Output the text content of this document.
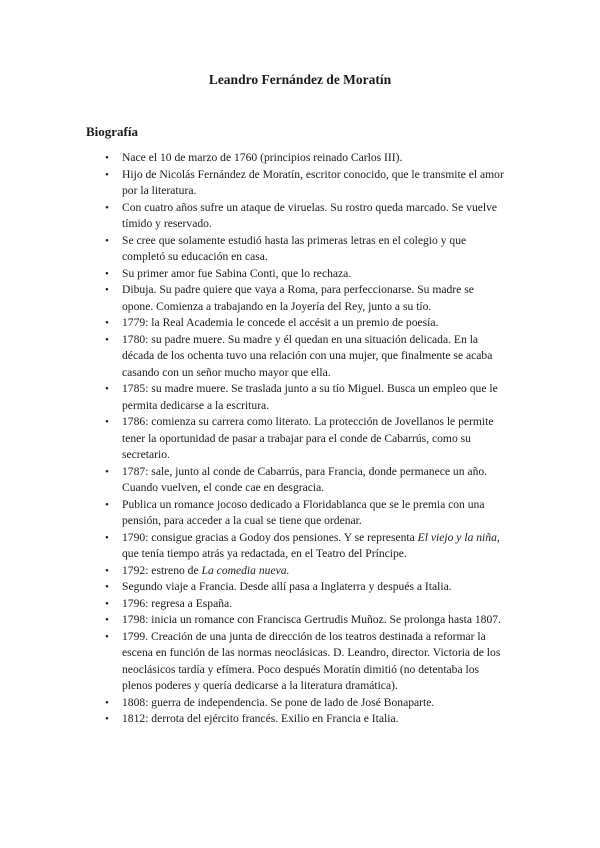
Leandro Fernández de Moratín
Biografía
• Nace el 10 de marzo de 1760 (principios reinado Carlos III).
• Hijo de Nicolás Fernández de Moratín, escritor conocido, que le transmite el amor por la literatura.
• Con cuatro años sufre un ataque de viruelas. Su rostro queda marcado. Se vuelve tímido y reservado.
• Se cree que solamente estudió hasta las primeras letras en el colegio y que completó su educación en casa.
• Su primer amor fue Sabina Conti, que lo rechaza.
• Dibuja. Su padre quiere que vaya a Roma, para perfeccionarse. Su madre se opone. Comienza a trabajando en la Joyería del Rey, junto a su tío.
• 1779: la Real Academia le concede el accésit a un premio de poesía.
• 1780: su padre muere. Su madre y él quedan en una situación delicada. En la década de los ochenta tuvo una relación con una mujer, que finalmente se acaba casando con un señor mucho mayor que ella.
• 1785: su madre muere. Se traslada junto a su tío Miguel. Busca un empleo que le permita dedicarse a la escritura.
• 1786: comienza su carrera como literato. La protección de Jovellanos le permite tener la oportunidad de pasar a trabajar para el conde de Cabarrús, como su secretario.
• 1787: sale, junto al conde de Cabarrús, para Francia, donde permanece un año. Cuando vuelven, el conde cae en desgracia.
• Publica un romance jocoso dedicado a Floridablanca que se le premia con una pensión, para acceder a la cual se tiene que ordenar.
• 1790: consigue gracias a Godoy dos pensiones. Y se representa El viejo y la niña, que tenía tiempo atrás ya redactada, en el Teatro del Príncipe.
• 1792: estreno de La comedia nueva.
• Segundo viaje a Francia. Desde allí pasa a Inglaterra y después a Italia.
• 1796: regresa a España.
• 1798: inicia un romance con Francisca Gertrudis Muñoz. Se prolonga hasta 1807.
• 1799. Creación de una junta de dirección de los teatros destinada a reformar la escena en función de las normas neoclásicas. D. Leandro, director. Victoria de los neoclásicos tardía y efímera. Poco después Moratín dimitió (no detentaba los plenos poderes y quería dedicarse a la literatura dramática).
• 1808: guerra de independencia. Se pone de lado de José Bonaparte.
• 1812: derrota del ejército francés. Exilio en Francia e Italia.
